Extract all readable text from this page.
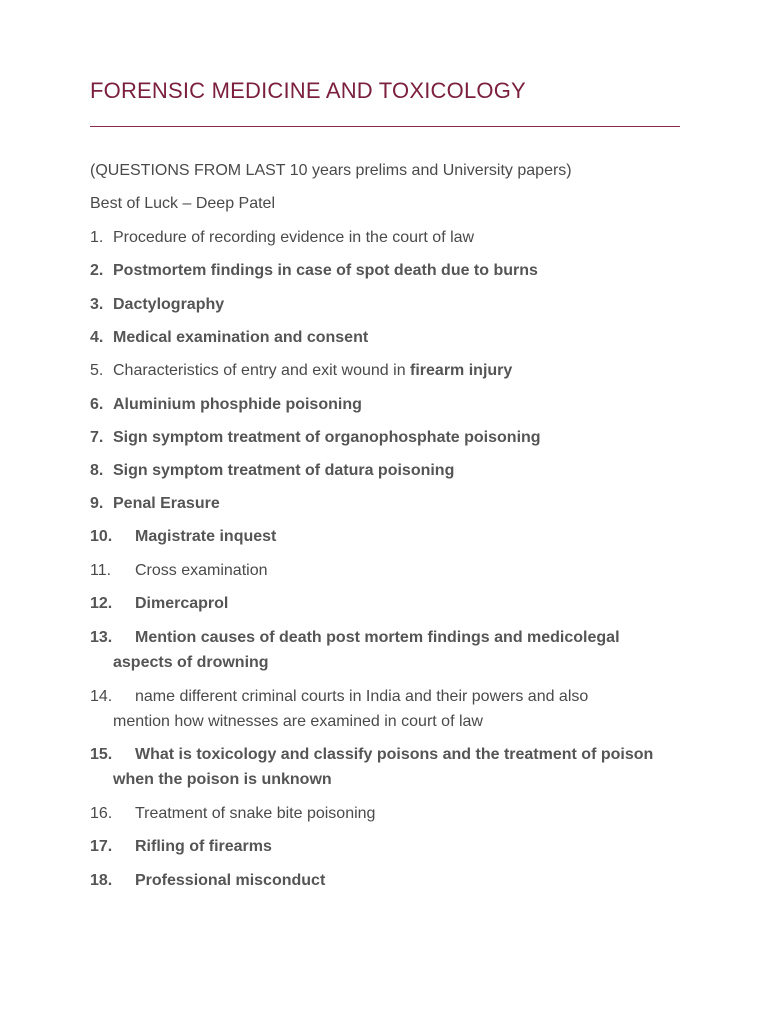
FORENSIC MEDICINE AND TOXICOLOGY
(QUESTIONS FROM LAST 10 years prelims and University papers)
Best of Luck – Deep Patel
1. Procedure of recording evidence in the court of law
2. Postmortem findings in case of spot death due to burns
3. Dactylography
4. Medical examination and consent
5. Characteristics of entry and exit wound in firearm injury
6. Aluminium phosphide poisoning
7. Sign symptom treatment of organophosphate poisoning
8. Sign symptom treatment of datura poisoning
9. Penal Erasure
10. Magistrate inquest
11. Cross examination
12. Dimercaprol
13. Mention causes of death post mortem findings and medicolegal
aspects of drowning
14. name different criminal courts in India and their powers and also
mention how witnesses are examined in court of law
15. What is toxicology and classify poisons and the treatment of poison
when the poison is unknown
16. Treatment of snake bite poisoning
17. Rifling of firearms
18. Professional misconduct
